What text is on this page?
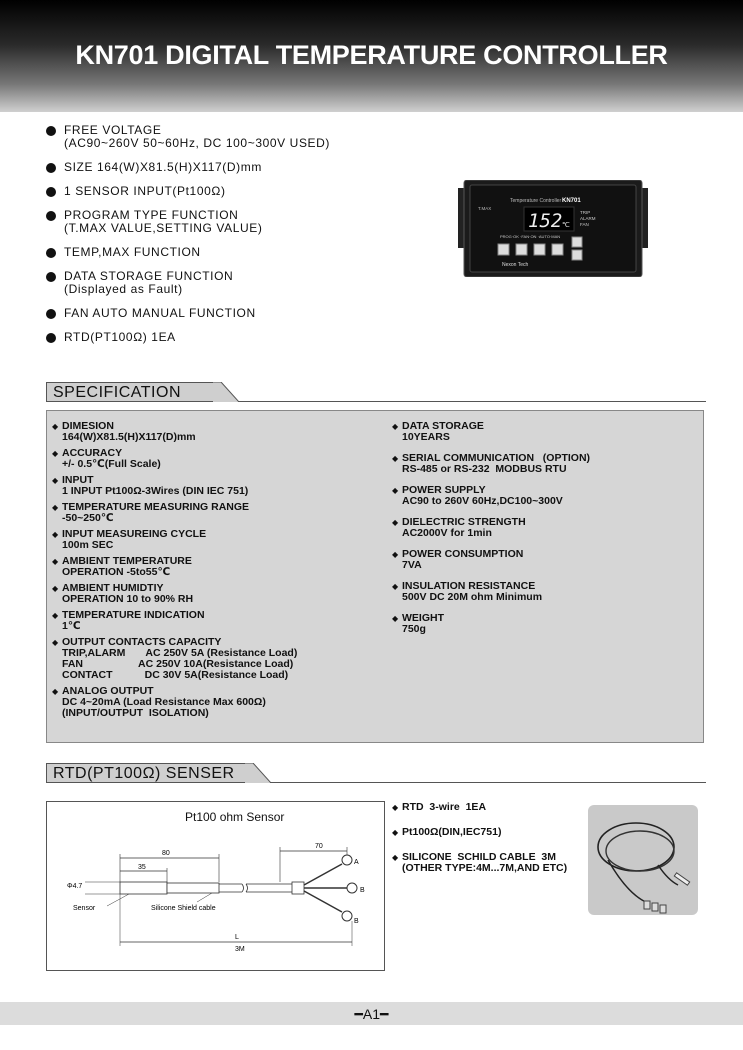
KN701 DIGITAL TEMPERATURE CONTROLLER
FREE VOLTAGE
(AC90~260V 50~60Hz, DC 100~300V USED)
SIZE 164(W)X81.5(H)X117(D)mm
1 SENSOR INPUT(Pt100Ω)
PROGRAM TYPE FUNCTION
(T.MAX VALUE,SETTING VALUE)
TEMP,MAX FUNCTION
DATA STORAGE FUNCTION
(Displayed as Fault)
FAN AUTO MANUAL FUNCTION
RTD(PT100Ω) 1EA
Temperature Controller KN701
T.MAX
152 ℃
TRIP
ALARM
FAN
PROG·OK ·FAN·ON ·AUTO·MAN
Nexon Tech
SPECIFICATION
◆ DIMESION
164(W)X81.5(H)X117(D)mm
◆ ACCURACY
+/- 0.5℃(Full Scale)
◆ INPUT
1 INPUT Pt100Ω-3Wires (DIN IEC 751)
◆ TEMPERATURE MEASURING RANGE
-50~250℃
◆ INPUT MEASUREING CYCLE
100m SEC
◆ AMBIENT TEMPERATURE
OPERATION -5to55℃
◆ AMBIENT HUMIDTIY
OPERATION 10 to 90% RH
◆ TEMPERATURE INDICATION
1℃
◆ OUTPUT CONTACTS CAPACITY
TRIP,ALARM       AC 250V 5A (Resistance Load)
FAN                   AC 250V 10A(Resistance Load)
CONTACT           DC 30V 5A(Resistance Load)
◆ ANALOG OUTPUT
DC 4~20mA (Load Resistance Max 600Ω)
(INPUT/OUTPUT  ISOLATION)
◆ DATA STORAGE
10YEARS
◆ SERIAL COMMUNICATION   (OPTION)
RS-485 or RS-232  MODBUS RTU
◆ POWER SUPPLY
AC90 to 260V 60Hz,DC100~300V
◆ DIELECTRIC STRENGTH
AC2000V for 1min
◆ POWER CONSUMPTION
7VA
◆ INSULATION RESISTANCE
500V DC 20M ohm Minimum
◆ WEIGHT
750g
RTD(PT100Ω) SENSER
Pt100 ohm Sensor
80
35
70
A
B
B
Φ4.7
Sensor	Silicone Shield cable
L
3M
◆ RTD  3-wire  1EA
◆ Pt100Ω(DIN,IEC751)
◆ SILICONE  SCHILD CABLE  3M
(OTHER TYPE:4M...7M,AND ETC)
━A1━
